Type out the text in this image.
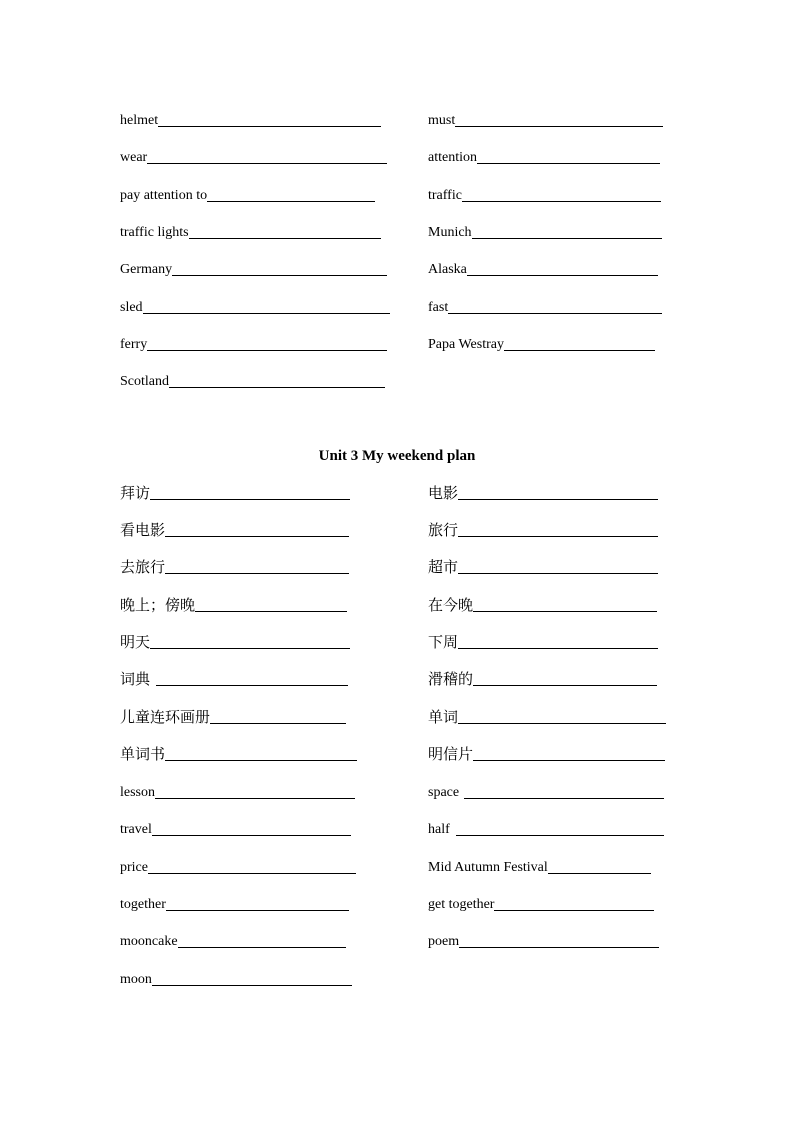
helmet
wear
pay attention to
traffic lights
Germany
sled
ferry
Scotland
must
attention
traffic
Munich
Alaska
fast
Papa Westray
Unit 3 My weekend plan
拜访
看电影
去旅行
晚上；傍晚
明天
词典
儿童连环画册
单词书
lesson
travel
price
together
mooncake
moon
电影
旅行
超市
在今晚
下周
滑稽的
单词
明信片
space
half
Mid Autumn Festival
get together
poem
